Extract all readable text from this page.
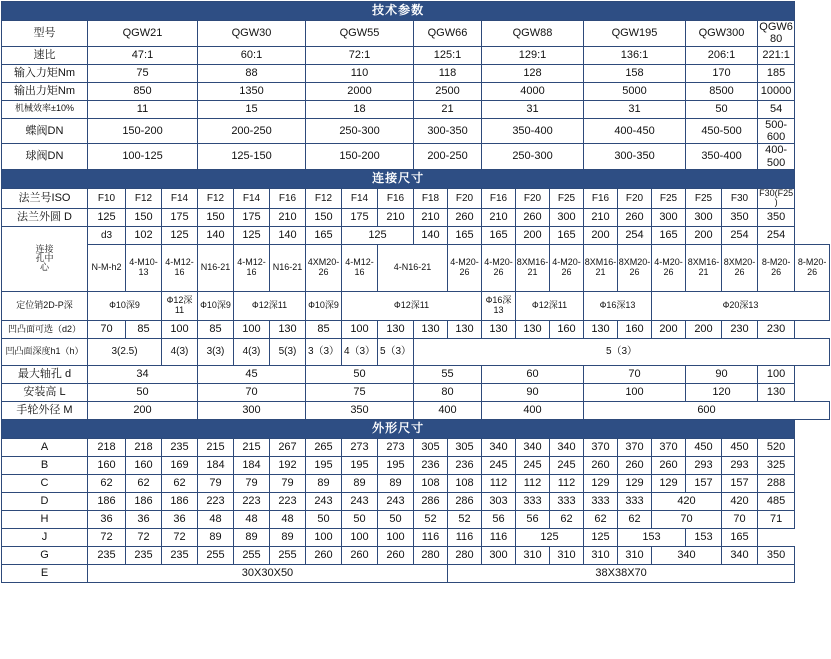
技术参数																					
型号	QGW21			QGW30			QGW55			QGW66		QGW88			QGW195			QGW300		QGW680	
速比	47:1			60:1			72:1			125:1		129:1			136:1			206:1		221:1	
输入力矩Nm	75			88			110			118		128			158			170		185	
输出力矩Nm	850			1350			2000			2500		4000			5000			8500		10000	
机械效率±10%	11			15			18			21		31			31			50		54	
蝶阀DN	150-200			200-250			250-300			300-350		350-400			400-450			450-500		500-600	
球阀DN	100-125			125-150			150-200			200-250		250-300			300-350			350-400		400-500	
连接尺寸																					
法兰号ISO	F10	F12	F14	F12	F14	F16	F12	F14	F16	F18	F20	F16	F20	F25	F16	F20	F25	F25	F30	F30(F25)	
法兰外圆 D	125	150	175	150	175	210	150	175	210	210	260	210	260	300	210	260	300	300	350	350	
连接
孔中
心	d3	102	125	140	125	140	165	125		140	165	165	200	165	200	254	165	200	254	254	
	N-M-h2	4-M10-13	4-M12-16	N16-21	4-M12-16	N16-21	4XM20-26	4-M12-16	4-N16-21		4-M20-26	4-M20-26	8XM16-21	4-M20-26	8XM16-21	8XM20-26	4-M20-26	8XM16-21	8XM20-26	8-M20-26	8-M20-26
定位销2D-P深	Ф10深9		Ф12深11	Ф10深9	Ф12深11		Ф10深9	Ф12深11				Ф16深13	Ф12深11		Ф16深13		Ф20深13				
凹凸面可选（d2）	70	85	100	85	100	130	85	100	130	130	130	130	130	160	130	160	200	200	230	230	
凹凸面深度h1（h）	3(2.5)		4(3)	3(3)	4(3)	5(3)	3（3）	4（3）	5（3）	5（3）											
最大轴孔 d	34			45			50			55		60			70			90		100	
安装高 L	50			70			75			80		90			100			120		130	
手轮外径 M	200			300			350			400		400			600						
外形尺寸																					
A	218	218	235	215	215	267	265	273	273	305	305	340	340	340	370	370	370	450	450	520	
B	160	160	169	184	184	192	195	195	195	236	236	245	245	245	260	260	260	293	293	325	
C	62	62	62	79	79	79	89	89	89	108	108	112	112	112	129	129	129	157	157	288	
D	186	186	186	223	223	223	243	243	243	286	286	303	333	333	333	333	420		420	485	
H	36	36	36	48	48	48	50	50	50	52	52	56	56	62	62	62	70		70	71	
J	72	72	72	89	89	89	100	100	100	116	116	116	125		125	153		153	165		
G	235	235	235	255	255	255	260	260	260	280	280	300	310	310	310	310	340		340	350	
E	30X30X50										38X38X70										
